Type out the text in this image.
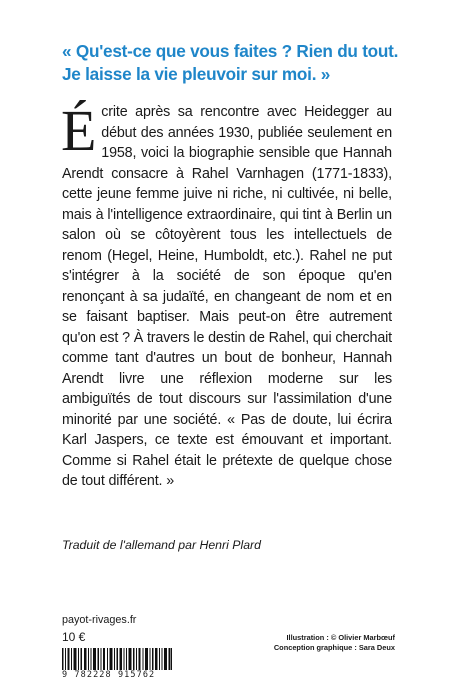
« Qu'est-ce que vous faites ? Rien du tout. Je laisse la vie pleuvoir sur moi. »
Écrite après sa rencontre avec Heidegger au début des années 1930, publiée seulement en 1958, voici la biographie sensible que Hannah Arendt consacre à Rahel Varnhagen (1771-1833), cette jeune femme juive ni riche, ni cultivée, ni belle, mais à l'intelligence extraordinaire, qui tint à Berlin un salon où se côtoyèrent tous les intellectuels de renom (Hegel, Heine, Humboldt, etc.). Rahel ne put s'intégrer à la société de son époque qu'en renonçant à sa judaïté, en changeant de nom et en se faisant baptiser. Mais peut-on être autrement qu'on est ? À travers le destin de Rahel, qui cherchait comme tant d'autres un bout de bonheur, Hannah Arendt livre une réflexion moderne sur les ambiguïtés de tout discours sur l'assimilation d'une minorité par une société. « Pas de doute, lui écrira Karl Jaspers, ce texte est émouvant et important. Comme si Rahel était le prétexte de quelque chose de tout différent. »
Traduit de l'allemand par Henri Plard
payot-rivages.fr
10 €	Illustration : © Olivier Marbœuf
Conception graphique : Sara Deux
9 782228 915762
